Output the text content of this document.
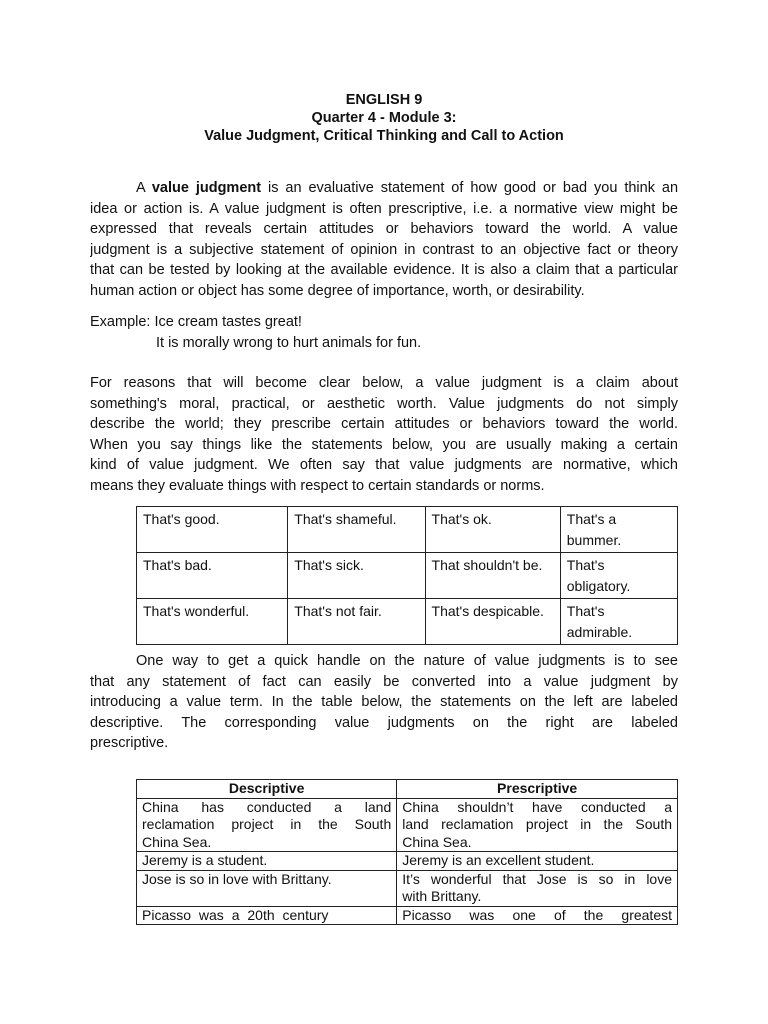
ENGLISH 9
Quarter 4 - Module 3:
Value Judgment, Critical Thinking and Call to Action
A value judgment is an evaluative statement of how good or bad you think an
idea or action is. A value judgment is often prescriptive, i.e. a normative view might be
expressed that reveals certain attitudes or behaviors toward the world. A value
judgment is a subjective statement of opinion in contrast to an objective fact or theory
that can be tested by looking at the available evidence. It is also a claim that a particular
human action or object has some degree of importance, worth, or desirability.
Example: Ice cream tastes great!
It is morally wrong to hurt animals for fun.
For reasons that will become clear below, a value judgment is a claim about
something's moral, practical, or aesthetic worth. Value judgments do not simply
describe the world; they prescribe certain attitudes or behaviors toward the world.
When you say things like the statements below, you are usually making a certain
kind of value judgment. We often say that value judgments are normative, which
means they evaluate things with respect to certain standards or norms.
That's good.	That's shameful.	That's ok.	That's a bummer.
That's bad.	That's sick.	That shouldn't be.	That's obligatory.
That's wonderful.	That's not fair.	That's despicable.	That's admirable.
One way to get a quick handle on the nature of value judgments is to see
that any statement of fact can easily be converted into a value judgment by
introducing a value term. In the table below, the statements on the left are labeled
descriptive. The corresponding value judgments on the right are labeled
prescriptive.
Descriptive	Prescriptive

China has conducted a land
reclamation project in the South
China Sea.	China shouldn’t have conducted a
land reclamation project in the South
China Sea.

Jeremy is a student.	Jeremy is an excellent student.

Jose is so in love with Brittany.	It’s wonderful that Jose is so in love
with Brittany.

Picasso was a 20th century	Picasso was one of the greatest
